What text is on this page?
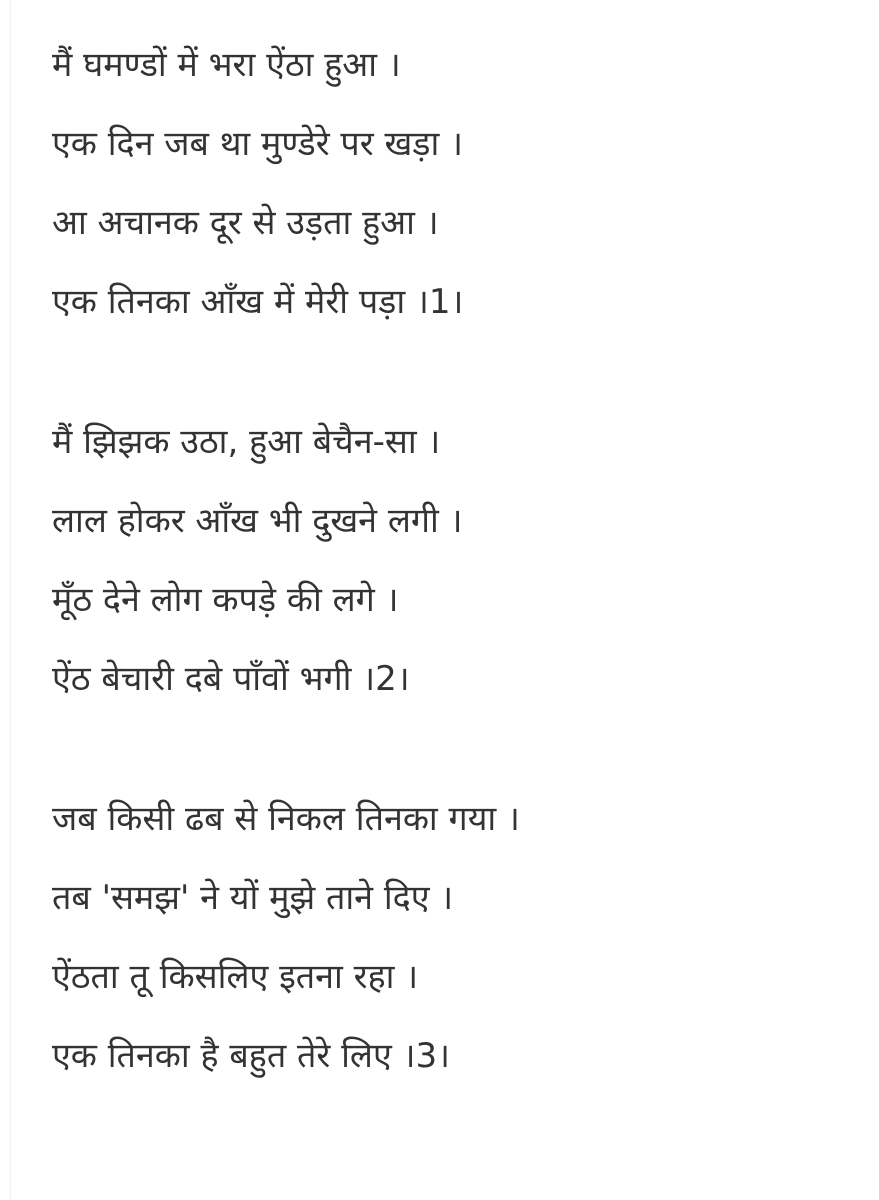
मैं घमण्डों में भरा ऐंठा हुआ ।
एक दिन जब था मुण्डेरे पर खड़ा ।
आ अचानक दूर से उड़ता हुआ ।
एक तिनका आँख में मेरी पड़ा ।1।
मैं झिझक उठा, हुआ बेचैन-सा ।
लाल होकर आँख भी दुखने लगी ।
मूँठ देने लोग कपड़े की लगे ।
ऐंठ बेचारी दबे पाँवों भगी ।2।
जब किसी ढब से निकल तिनका गया ।
तब 'समझ' ने यों मुझे ताने दिए ।
ऐंठता तू किसलिए इतना रहा ।
एक तिनका है बहुत तेरे लिए ।3।
